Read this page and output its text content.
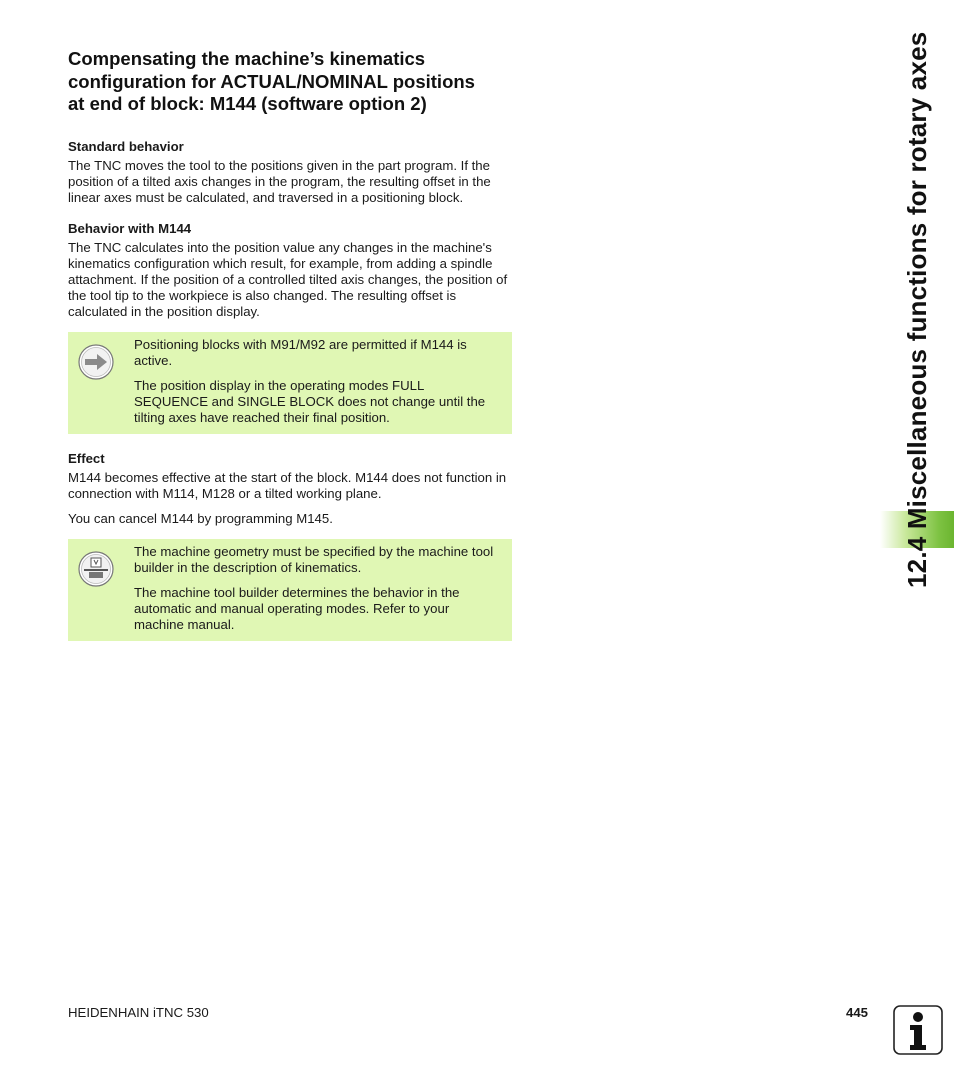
12.4 Miscellaneous functions for rotary axes
Compensating the machine’s kinematics
configuration for ACTUAL/NOMINAL positions
at end of block: M144 (software option 2)
Standard behavior
The TNC moves the tool to the positions given in the part program. If the position of a tilted axis changes in the program, the resulting offset in the linear axes must be calculated, and traversed in a positioning block.
Behavior with M144
The TNC calculates into the position value any changes in the machine's kinematics configuration which result, for example, from adding a spindle attachment. If the position of a controlled tilted axis changes, the position of the tool tip to the workpiece is also changed. The resulting offset is calculated in the position display.
Positioning blocks with M91/M92 are permitted if M144 is active.
The position display in the operating modes FULL SEQUENCE and SINGLE BLOCK does not change until the tilting axes have reached their final position.
Effect
M144 becomes effective at the start of the block. M144 does not function in connection with M114, M128 or a tilted working plane.
You can cancel M144 by programming M145.
The machine geometry must be specified by the machine tool builder in the description of kinematics.
The machine tool builder determines the behavior in the automatic and manual operating modes. Refer to your machine manual.
HEIDENHAIN iTNC 530	445
